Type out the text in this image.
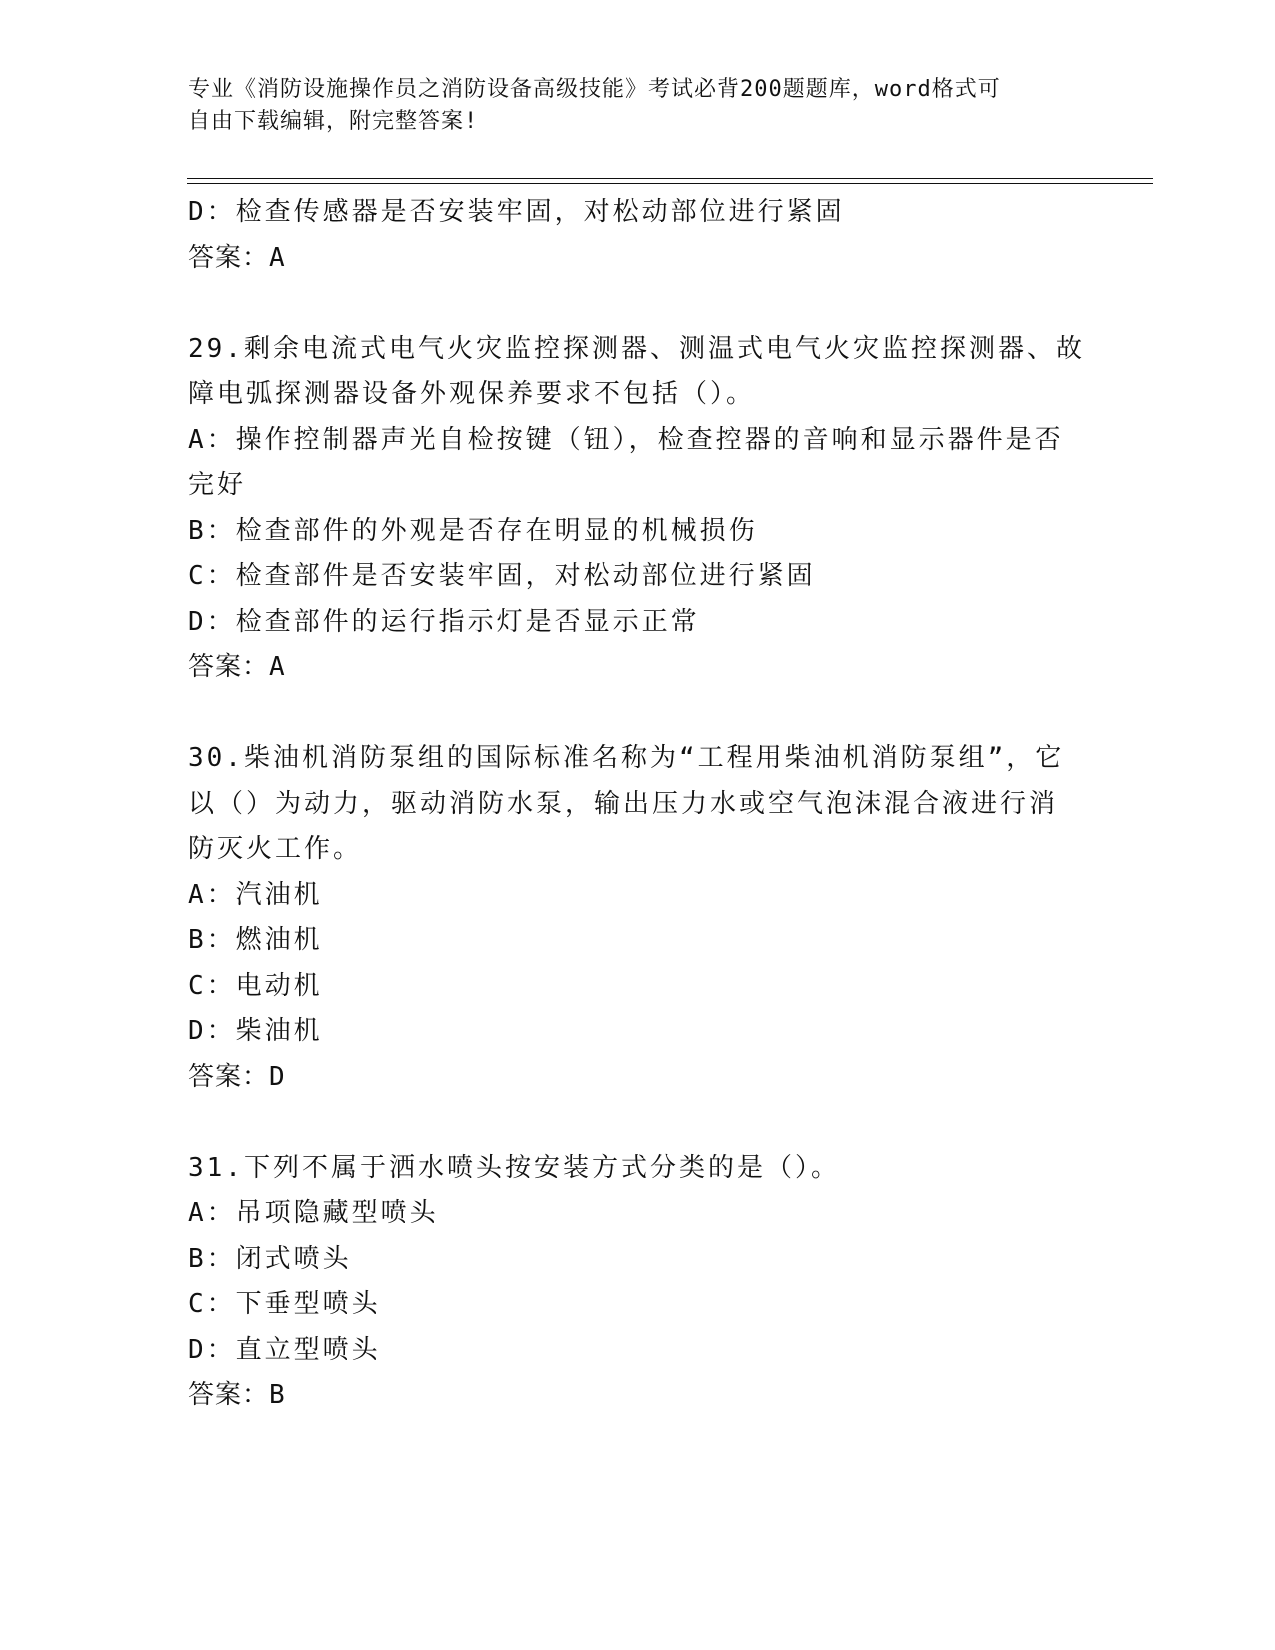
专业《消防设施操作员之消防设备高级技能》考试必背200题题库，word格式可
自由下载编辑，附完整答案!
D：检查传感器是否安装牢固，对松动部位进行紧固
答案：A
29.剩余电流式电气火灾监控探测器、测温式电气火灾监控探测器、故
障电弧探测器设备外观保养要求不包括（）。
A：操作控制器声光自检按键（钮），检查控器的音响和显示器件是否
完好
B：检查部件的外观是否存在明显的机械损伤
C：检查部件是否安装牢固，对松动部位进行紧固
D：检查部件的运行指示灯是否显示正常
答案：A
30.柴油机消防泵组的国际标准名称为“工程用柴油机消防泵组”，它
以（）为动力，驱动消防水泵，输出压力水或空气泡沫混合液进行消
防灭火工作。
A：汽油机
B：燃油机
C：电动机
D：柴油机
答案：D
31.下列不属于洒水喷头按安装方式分类的是（）。
A：吊项隐藏型喷头
B：闭式喷头
C：下垂型喷头
D：直立型喷头
答案：B
